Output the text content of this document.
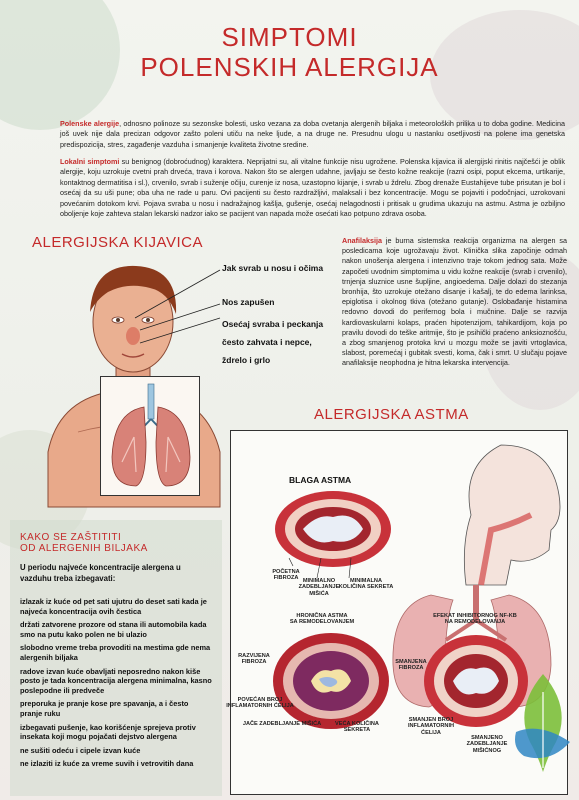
SIMPTOMI
POLENSKIH ALERGIJA

Polenske alergije, odnosno polinoze su sezonske bolesti, usko vezana za doba cvetanja alergenih biljaka i meteoroloških prilika u to doba godine. Medicina još uvek nije dala precizan odgovor zašto poleni utiču na neke ljude, a na druge ne. Presudnu ulogu u nastanku osetljivosti na polene ima genetska predispozicija, stres, zagađenje vazduha i smanjenje kvaliteta životne sredine.

Lokalni simptomi su benignog (dobroćudnog) karaktera. Neprijatni su, ali vitalne funkcije nisu ugrožene. Polenska kijavica ili alergijski rinitis najčešći je oblik alergije, koju uzrokuje cvetni prah drveća, trava i korova. Nakon što se alergen udahne, javljaju se često kožne reakcije (razni osipi, poput ekcema, urtikarije, kontaktnog dermatitisa i sl.), crvenilo, svrab i suženje očiju, curenje iz nosa, uzastopno kijanje, i svrab u ždrelu. Zbog drenaže Eustahijeve tube prisutan je bol i osećaj da su uši pune; oba uha ne rade u paru. Ovi pacijenti su često razdražljivi, malaksali i bez koncentracije. Mogu se pojaviti i podočnjaci, uzrokovani povećanim dotokom krvi. Pojava svraba u nosu i nadražajnog kašlja, gušenje, osećaj nelagodnosti i pritisak u grudima ukazuju na astmu. Astma je ozbiljno oboljenje koje zahteva stalan lekarski nadzor iako se pacijent van napada može osećati kao potpuno zdrava osoba.

ALERGIJSKA KIJAVICA
Jak svrab u nosu i očima
Nos zapušen
Osećaj svraba i peckanja
često zahvata i nepce,
ždrelo i grlo

Anafilaksija je burna sistemska reakcija organizma na alergen sa posledicama koje ugrožavaju život. Klinička slika započinje odmah nakon unošenja alergena i intenzivno traje tokom jednog sata. Može započeti uvodnim simptomima u vidu kožne reakcije (svrab i crvenilo), trnjenja sluznice usne šupljine, angioedema. Dalje dolazi do stezanja bronhija, što uzrokuje otežano disanje i kašalj, te do edema larinksa, epiglotisa i okolnog tkiva (otežano gutanje). Oslobađanje histamina redovno dovodi do perifernog bola i mučnine. Dalje se razvija kardiovaskularni kolaps, praćen hipotenzijom, tahikardijom, koja po pravilu dovodi do teške aritmije, što je psihički praćeno anksioznošću, a zbog smanjenog protoka krvi u mozgu može se javiti vrtoglavica, slabost, poremećaj i gubitak svesti, koma, čak i smrt. U slučaju pojave anafilaksije neophodna je hitna lekarska intervencija.

ALERGIJSKA ASTMA
BLAGA ASTMA
POČETNA
FIBROZA MINIMALNO
ZADEBLJANJE
MIŠIĆA
MINIMALNA
KOLIČINA SEKRETA
HRONIČNA ASTMA
SA REMODELOVANJEM
EFEKAT INHIBITORNOG NF-KB
NA REMODELOVANJA
RAZVIJENA
FIBROZA
POVEĆAN BROJ
INFLAMATORNIH ĆELIJA
JAČE ZADEBLJANJE MIŠIĆA	VEĆA KOLIČINA
SEKRETA
SMANJENA
FIBROZA
SMANJEN BROJ
INFLAMATORNIH
ĆELIJA
SMANJENO
ZADEBLJANJE
MIŠIĆNOG
KAKO SE ZAŠTITITI
OD ALERGENIH BILJAKA
U periodu najveće koncentracije alergena u vazduhu treba izbegavati:
izlazak iz kuće od pet sati ujutru do deset sati kada je najveća koncentracija ovih čestica
držati zatvorene prozore od stana ili automobila kada smo na putu kako polen ne bi ulazio
slobodno vreme treba provoditi na mestima gde nema alergenih biljaka
radove izvan kuće obavljati neposredno nakon kiše posto je tada koncentracija alergena minimalna, kasno poslepodne ili predveče
preporuka je pranje kose pre spavanja, a i često pranje ruku
izbegavati pušenje, kao korišćenje sprejeva protiv insekata koji mogu pojačati dejstvo alergena
ne sušiti odeću i cipele izvan kuće
ne izlaziti iz kuće za vreme suvih i vetrovitih dana
